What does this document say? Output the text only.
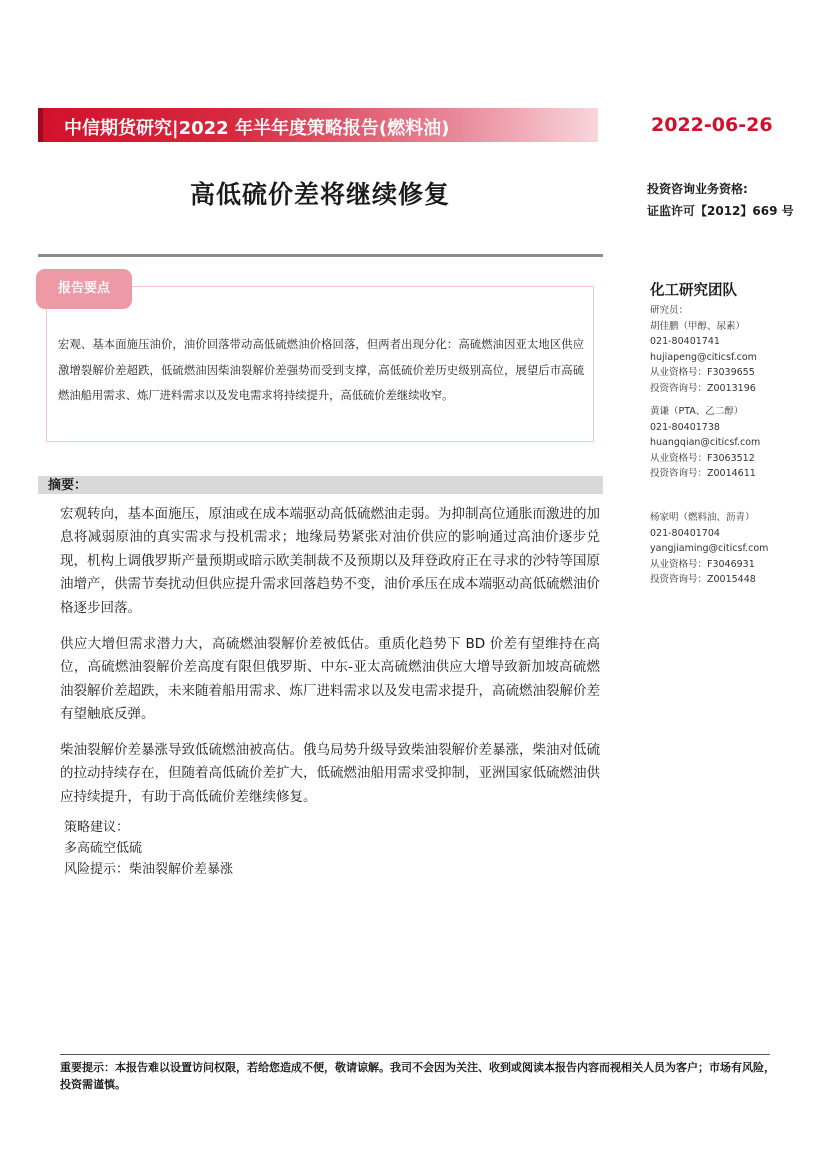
中信期货研究|2022 年半年度策略报告(燃料油)	2022-06-26
高低硫价差将继续修复	投资咨询业务资格:
证监许可【2012】669 号
报告要点
宏观、基本面施压油价，油价回落带动高低硫燃油价格回落，但两者出现分化：高硫燃油因亚太地区供应激增裂解价差超跌，低硫燃油因柴油裂解价差强势而受到支撑，高低硫价差历史级别高位，展望后市高硫燃油船用需求、炼厂进料需求以及发电需求将持续提升，高低硫价差继续收窄。
摘要：
宏观转向，基本面施压，原油或在成本端驱动高低硫燃油走弱。为抑制高位通胀而激进的加息将减弱原油的真实需求与投机需求；地缘局势紧张对油价供应的影响通过高油价逐步兑现，机构上调俄罗斯产量预期或暗示欧美制裁不及预期以及拜登政府正在寻求的沙特等国原油增产，供需节奏扰动但供应提升需求回落趋势不变，油价承压在成本端驱动高低硫燃油价格逐步回落。
供应大增但需求潜力大，高硫燃油裂解价差被低估。重质化趋势下 BD 价差有望维持在高位，高硫燃油裂解价差高度有限但俄罗斯、中东-亚太高硫燃油供应大增导致新加坡高硫燃油裂解价差超跌，未来随着船用需求、炼厂进料需求以及发电需求提升，高硫燃油裂解价差有望触底反弹。
柴油裂解价差暴涨导致低硫燃油被高估。俄乌局势升级导致柴油裂解价差暴涨，柴油对低硫的拉动持续存在，但随着高低硫价差扩大，低硫燃油船用需求受抑制，亚洲国家低硫燃油供应持续提升，有助于高低硫价差继续修复。
策略建议：
多高硫空低硫
风险提示：柴油裂解价差暴涨
化工研究团队
研究员：
胡佳鹏（甲醇、尿素）
021-80401741
hujiapeng@citicsf.com
从业资格号：F3039655
投资咨询号：Z0013196
黄谦（PTA、乙二醇）
021-80401738
huangqian@citicsf.com
从业资格号：F3063512
投资咨询号：Z0014611
杨家明（燃料油、沥青）
021-80401704
yangjiaming@citicsf.com
从业资格号：F3046931
投资咨询号：Z0015448
重要提示：本报告难以设置访问权限，若给您造成不便，敬请谅解。我司不会因为关注、收到或阅读本报告内容而视相关人员为客户；市场有风险，投资需谨慎。
